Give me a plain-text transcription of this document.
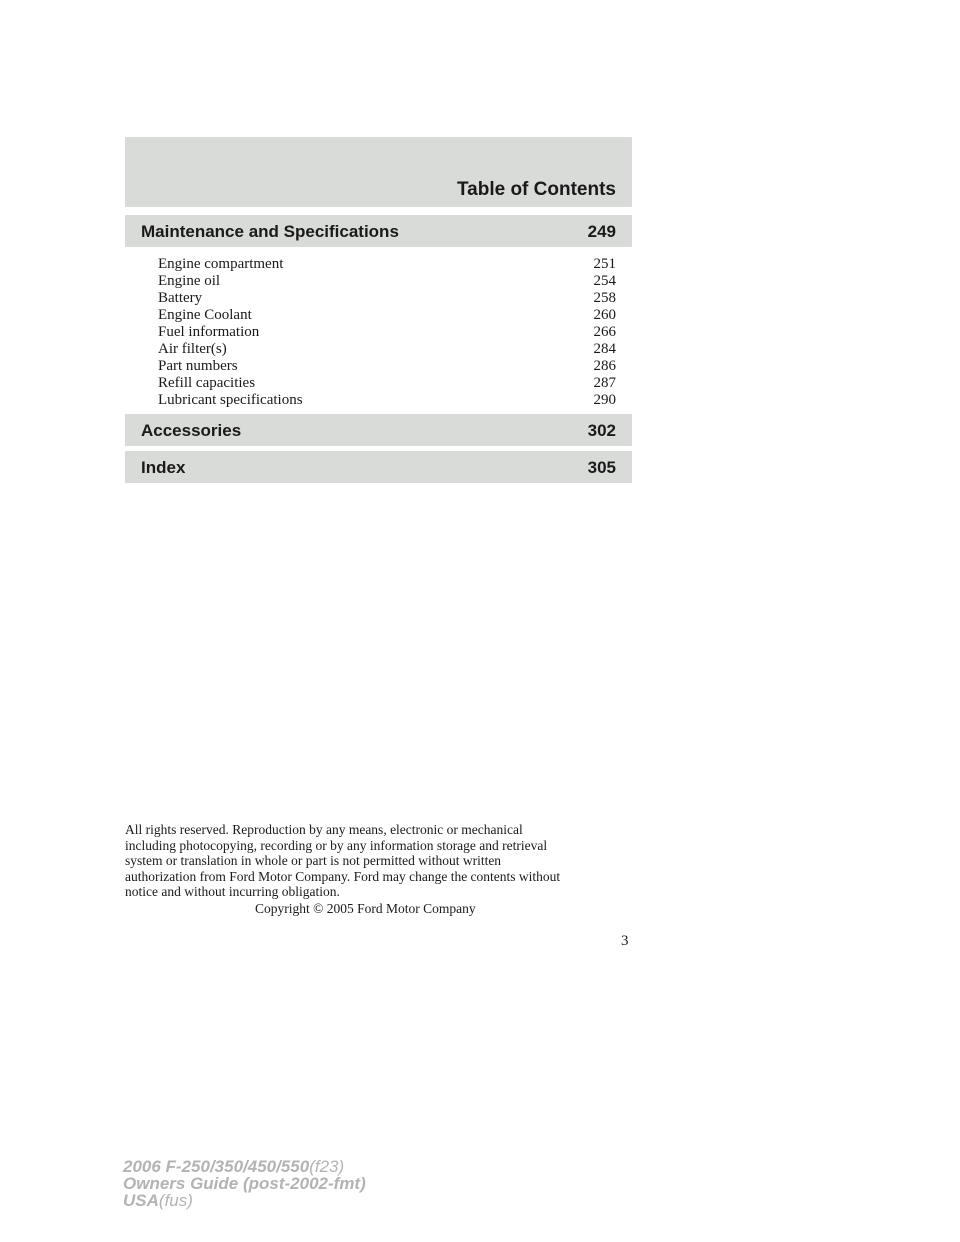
Table of Contents
Maintenance and Specifications	249
Engine compartment	251
Engine oil	254
Battery	258
Engine Coolant	260
Fuel information	266
Air filter(s)	284
Part numbers	286
Refill capacities	287
Lubricant specifications	290
Accessories	302
Index	305
All rights reserved. Reproduction by any means, electronic or mechanical
including photocopying, recording or by any information storage and retrieval
system or translation in whole or part is not permitted without written
authorization from Ford Motor Company. Ford may change the contents without
notice and without incurring obligation.
Copyright © 2005 Ford Motor Company
3
2006 F-250/350/450/550(f23)
Owners Guide (post-2002-fmt)
USA(fus)
